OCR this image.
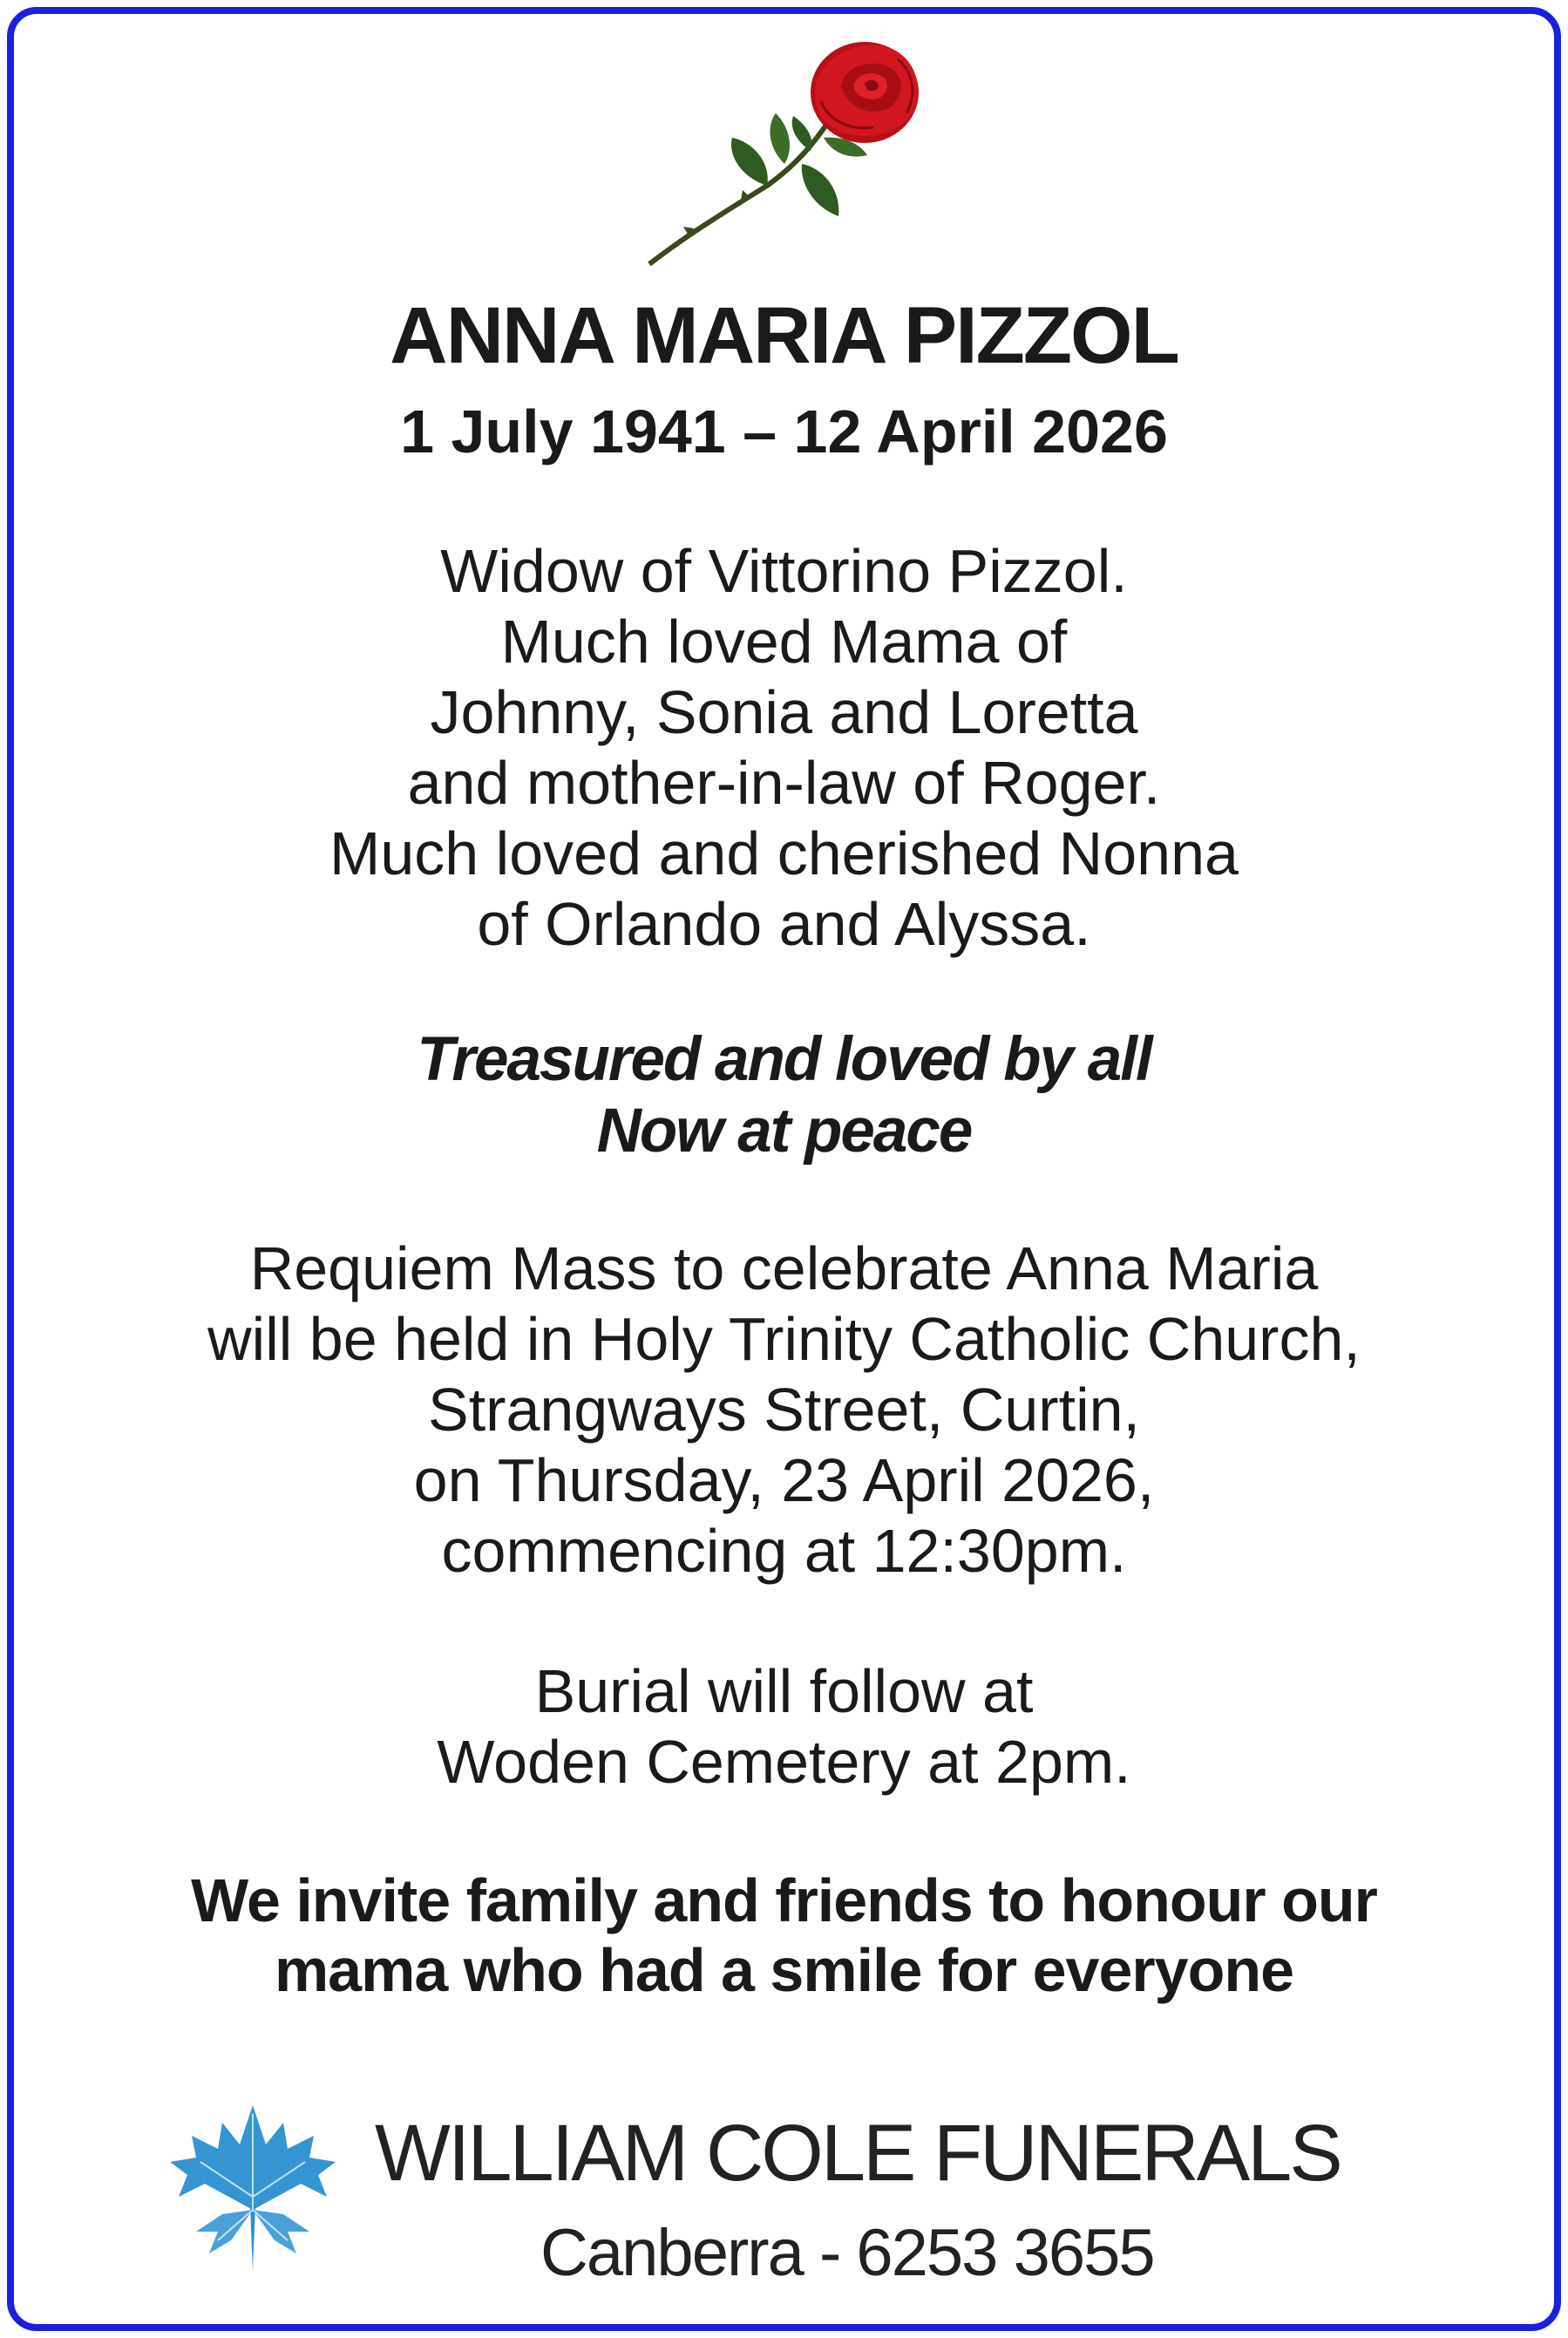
ANNA MARIA PIZZOL
1 July 1941 – 12 April 2026
Widow of Vittorino Pizzol.
Much loved Mama of
Johnny, Sonia and Loretta
and mother-in-law of Roger.
Much loved and cherished Nonna
of Orlando and Alyssa.
Treasured and loved by all
Now at peace
Requiem Mass to celebrate Anna Maria
will be held in Holy Trinity Catholic Church,
Strangways Street, Curtin,
on Thursday, 23 April 2026,
commencing at 12:30pm.
Burial will follow at
Woden Cemetery at 2pm.
We invite family and friends to honour our
mama who had a smile for everyone
WILLIAM COLE FUNERALS
Canberra - 6253 3655
